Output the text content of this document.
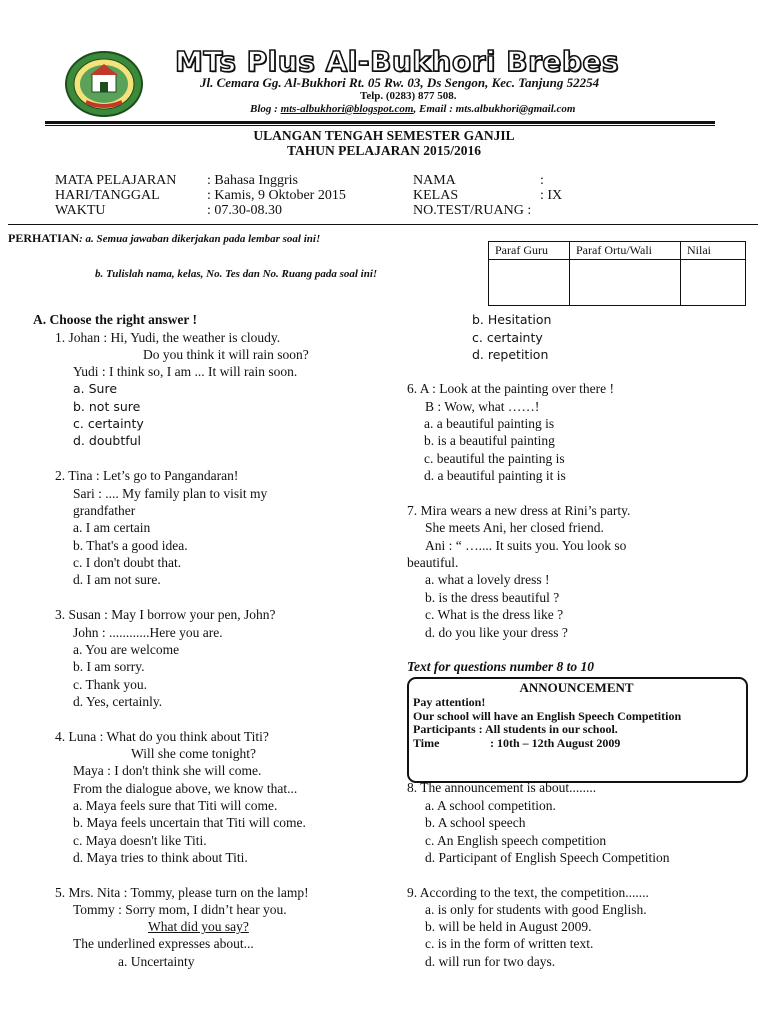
MTs Plus Al-Bukhori Brebes
Jl. Cemara Gg. Al-Bukhori Rt. 05 Rw. 03, Ds Sengon, Kec. Tanjung 52254
Telp. (0283) 877 508.
Blog : mts-albukhori@blogspot.com, Email : mts.albukhori@gmail.com
ULANGAN TENGAH SEMESTER GANJIL
TAHUN PELAJARAN 2015/2016
MATA PELAJARAN : Bahasa Inggris
HARI/TANGGAL	: Kamis, 9 Oktober 2015
WAKTU	: 07.30-08.30
NAMA	:
KELAS	: IX
NO.TEST/RUANG :
PERHATIAN: a. Semua jawaban dikerjakan pada lembar soal ini!
b. Tulislah nama, kelas, No. Tes dan No. Ruang pada soal ini!
Paraf Guru	Paraf Ortu/Wali	Nilai

A. Choose the right answer !
1. Johan : Hi, Yudi, the weather is cloudy.
Do you think it will rain soon?
Yudi : I think so, I am ... It will rain soon.
a. Sure
b. not sure
c. certainty
d. doubtful
2. Tina : Let’s go to Pangandaran!
Sari : .... My family plan to visit my
grandfather
a. I am certain
b. That's a good idea.
c. I don't doubt that.
d. I am not sure.
3. Susan : May I borrow your pen, John?
John : ............Here you are.
a. You are welcome
b. I am sorry.
c. Thank you.
d. Yes, certainly.
4. Luna : What do you think about Titi?
Will she come tonight?
Maya : I don't think she will come.
From the dialogue above, we know that...
a. Maya feels sure that Titi will come.
b. Maya feels uncertain that Titi will come.
c. Maya doesn't like Titi.
d. Maya tries to think about Titi.
5. Mrs. Nita : Tommy, please turn on the lamp!
Tommy : Sorry mom, I didn’t hear you.
What did you say?
The underlined expresses about...
a. Uncertainty
b. Hesitation
c. certainty
d. repetition
6. A : Look at the painting over there !
B : Wow, what ……!
a. a beautiful painting is
b. is a beautiful painting
c. beautiful the painting is
d. a beautiful painting it is
7. Mira wears a new dress at Rini’s party.
She meets Ani, her closed friend.
Ani : “ ….... It suits you. You look so
beautiful.
a. what a lovely dress !
b. is the dress beautiful ?
c. What is the dress like ?
d. do you like your dress ?
Text for questions number 8 to 10
8. The announcement is about........
a. A school competition.
b. A school speech
c. An English speech competition
d. Participant of English Speech Competition
9. According to the text, the competition.......
a. is only for students with good English.
b. will be held in August 2009.
c. is in the form of written text.
d. will run for two days.
ANNOUNCEMENT
Pay attention!
Our school will have an English Speech Competition
Participants : All students in our school.
Time	: 10th – 12th August 2009
